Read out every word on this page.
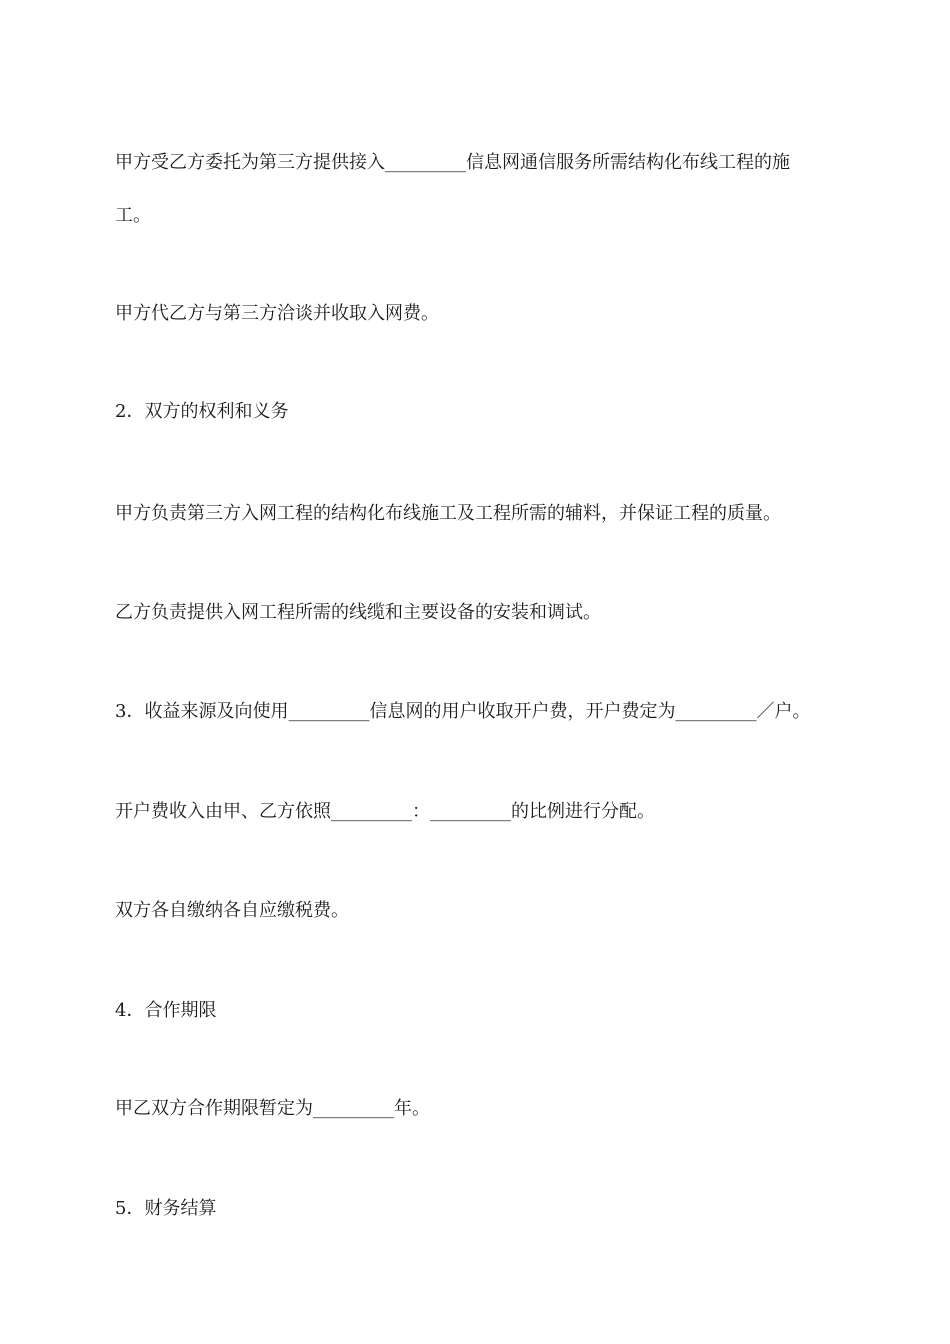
甲方受乙方委托为第三方提供接入_________信息网通信服务所需结构化布线工程的施
工。
甲方代乙方与第三方洽谈并收取入网费。
2．双方的权利和义务
甲方负责第三方入网工程的结构化布线施工及工程所需的辅料，并保证工程的质量。
乙方负责提供入网工程所需的线缆和主要设备的安装和调试。
3．收益来源及向使用_________信息网的用户收取开户费，开户费定为_________／户。
开户费收入由甲、乙方依照_________：_________的比例进行分配。
双方各自缴纳各自应缴税费。
4．合作期限
甲乙双方合作期限暂定为_________年。
5．财务结算
